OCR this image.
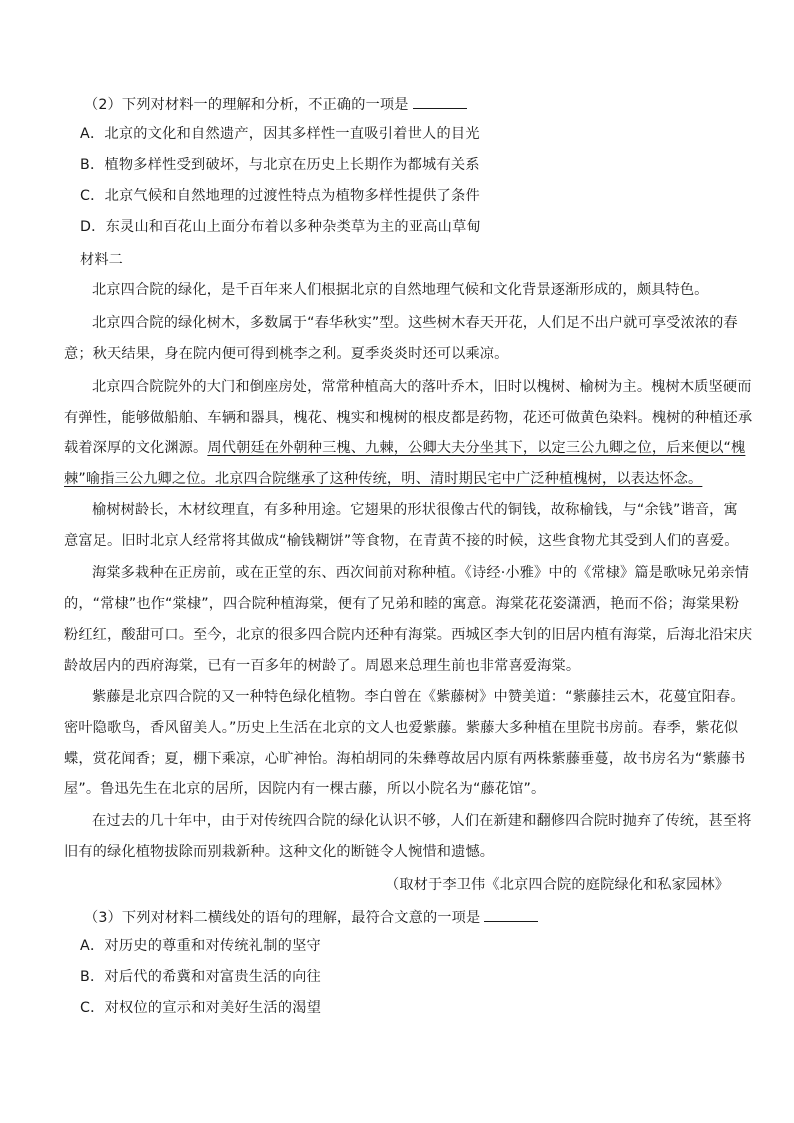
（2）下列对材料一的理解和分析，不正确的一项是
A．北京的文化和自然遗产，因其多样性一直吸引着世人的目光
B．植物多样性受到破坏，与北京在历史上长期作为都城有关系
C．北京气候和自然地理的过渡性特点为植物多样性提供了条件
D．东灵山和百花山上面分布着以多种杂类草为主的亚高山草甸
材料二
北京四合院的绿化，是千百年来人们根据北京的自然地理气候和文化背景逐渐形成的，颇具特色。
北京四合院的绿化树木，多数属于“春华秋实”型。这些树木春天开花，人们足不出户就可享受浓浓的春
意；秋天结果，身在院内便可得到桃李之利。夏季炎炎时还可以乘凉。
北京四合院院外的大门和倒座房处，常常种植高大的落叶乔木，旧时以槐树、榆树为主。槐树木质坚硬而
有弹性，能够做船舶、车辆和器具，槐花、槐实和槐树的根皮都是药物，花还可做黄色染料。槐树的种植还承
载着深厚的文化渊源。周代朝廷在外朝种三槐、九棘，公卿大夫分坐其下，以定三公九卿之位，后来便以“槐
棘”喻指三公九卿之位。北京四合院继承了这种传统，明、清时期民宅中广泛种植槐树，以表达怀念。
榆树树龄长，木材纹理直，有多种用途。它翅果的形状很像古代的铜钱，故称榆钱，与“余钱”谐音，寓
意富足。旧时北京人经常将其做成“榆钱糊饼”等食物，在青黄不接的时候，这些食物尤其受到人们的喜爱。
海棠多栽种在正房前，或在正堂的东、西次间前对称种植。《诗经·小雅》中的《常棣》篇是歌咏兄弟亲情
的，“常棣”也作“棠棣”，四合院种植海棠，便有了兄弟和睦的寓意。海棠花花姿潇洒，艳而不俗；海棠果粉
粉红红，酸甜可口。至今，北京的很多四合院内还种有海棠。西城区李大钊的旧居内植有海棠，后海北沿宋庆
龄故居内的西府海棠，已有一百多年的树龄了。周恩来总理生前也非常喜爱海棠。
紫藤是北京四合院的又一种特色绿化植物。李白曾在《紫藤树》中赞美道：“紫藤挂云木，花蔓宜阳春。
密叶隐歌鸟，香风留美人。”历史上生活在北京的文人也爱紫藤。紫藤大多种植在里院书房前。春季，紫花似
蝶，赏花闻香；夏，棚下乘凉，心旷神怡。海柏胡同的朱彝尊故居内原有两株紫藤垂蔓，故书房名为“紫藤书
屋”。鲁迅先生在北京的居所，因院内有一棵古藤，所以小院名为“藤花馆”。
在过去的几十年中，由于对传统四合院的绿化认识不够，人们在新建和翻修四合院时抛弃了传统，甚至将
旧有的绿化植物拔除而别栽新种。这种文化的断链令人惋惜和遗憾。
（取材于李卫伟《北京四合院的庭院绿化和私家园林》
（3）下列对材料二横线处的语句的理解，最符合文意的一项是
A．对历史的尊重和对传统礼制的坚守
B．对后代的希冀和对富贵生活的向往
C．对权位的宣示和对美好生活的渴望
